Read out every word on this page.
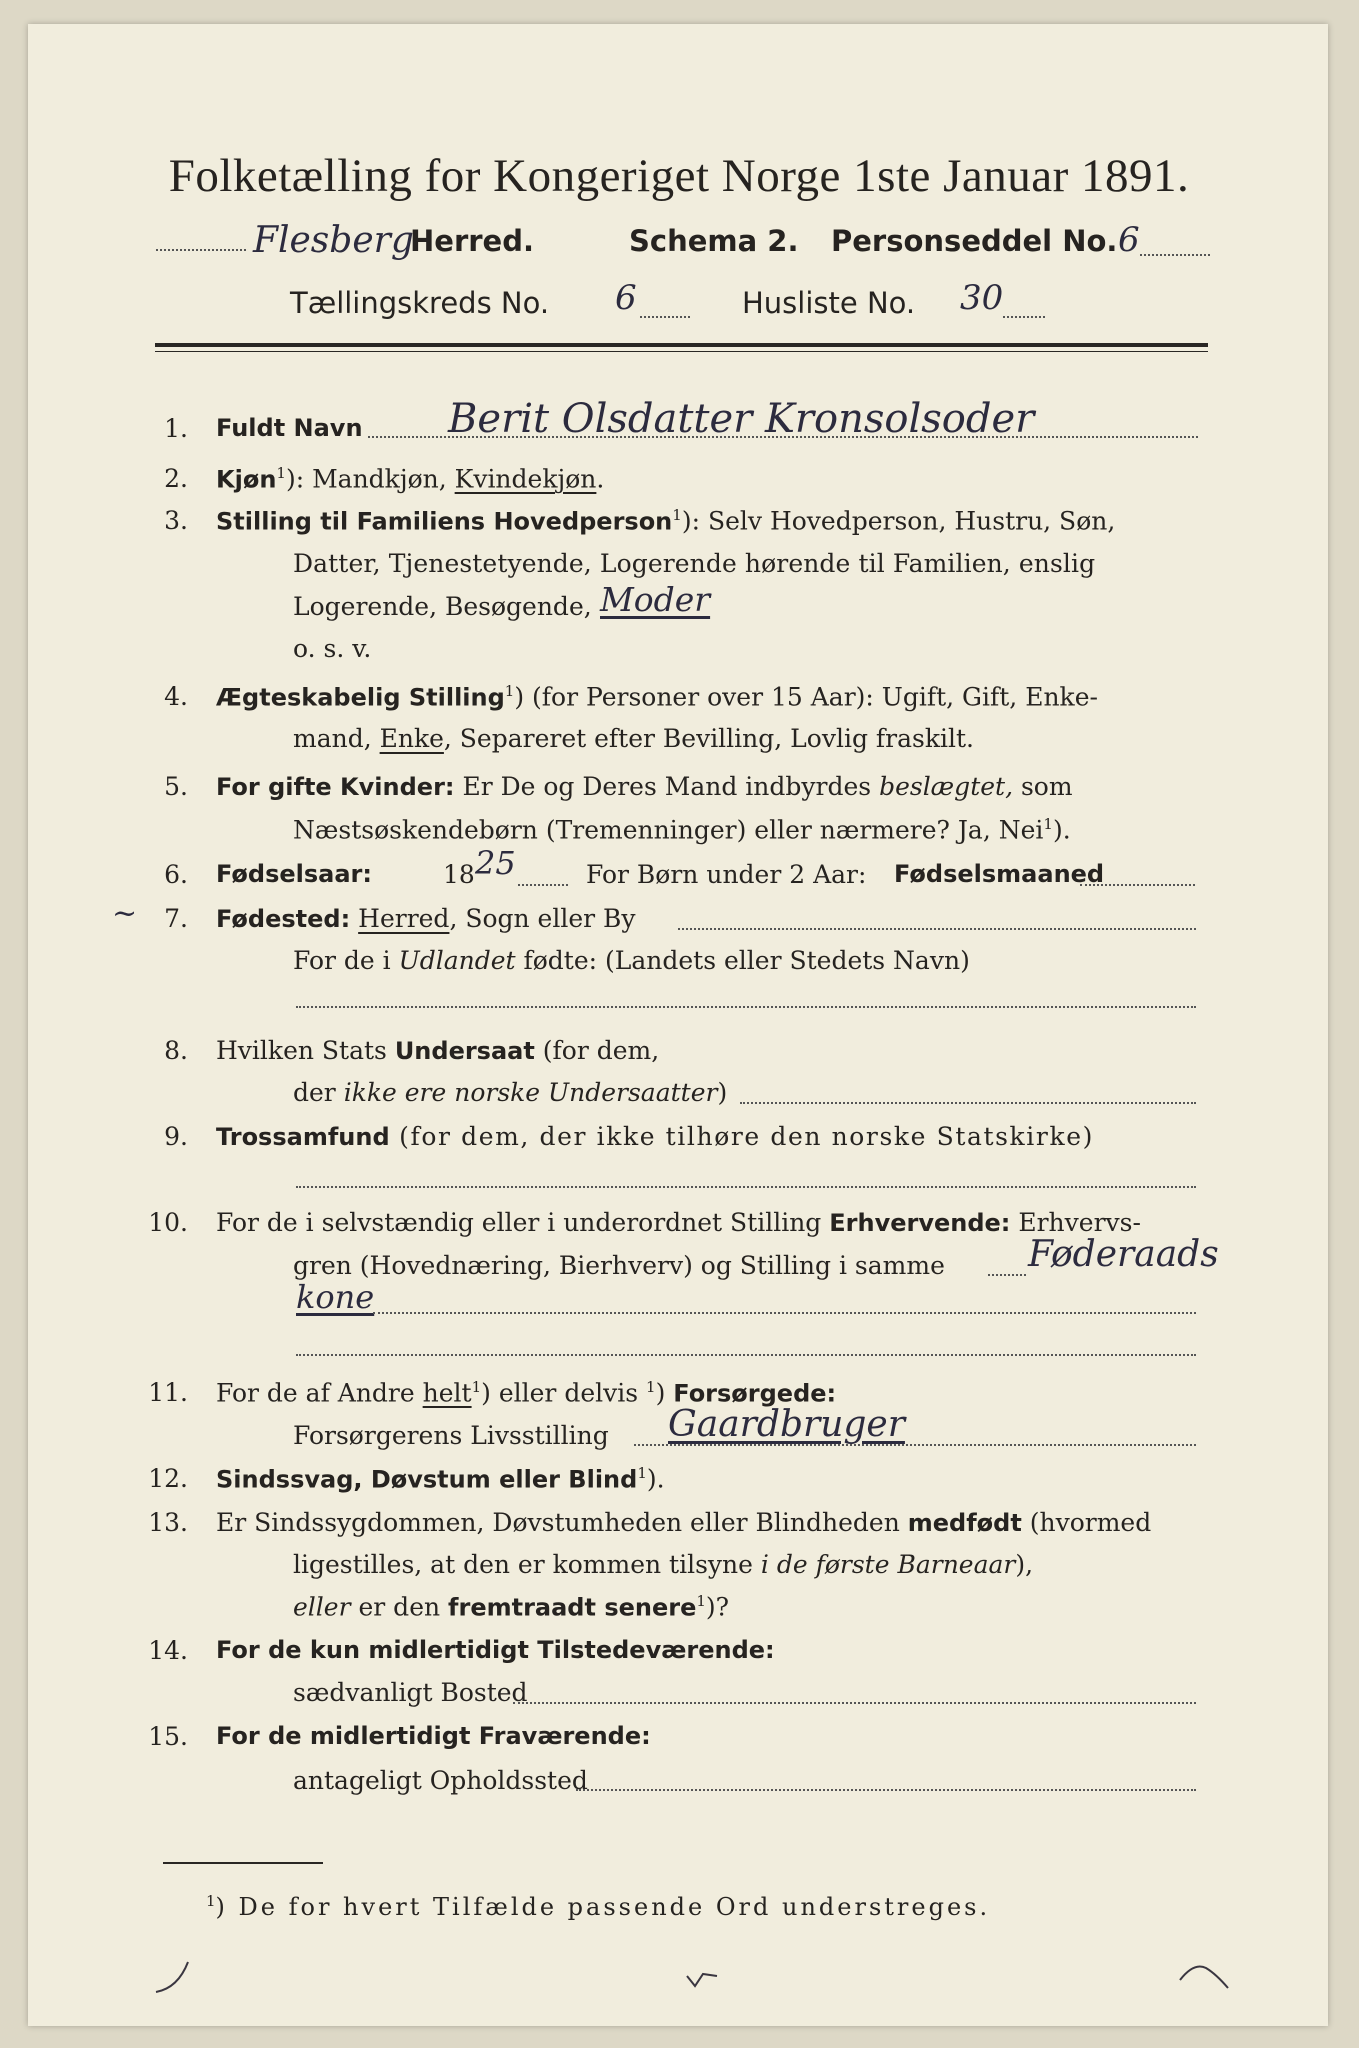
Folketælling for Kongeriget Norge 1ste Januar 1891.
Flesberg
Herred.	Schema 2. Personseddel No. 6
Tællingskreds No. 6	Husliste No. 30
1. Fuldt Navn Berit Olsdatter Kronsolsoder
2. Kjøn$^1$): Mandkjøn, Kvindekjøn.
3. Stilling til Familiens Hovedperson$^1$): Selv Hovedperson, Hustru, Søn,
Datter, Tjenestetyende, Logerende hørende til Familien, enslig
Logerende, Besøgende, Moder
o. s. v.
4. Ægteskabelig Stilling$^1$) (for Personer over 15 Aar): Ugift, Gift, Enke-
mand, Enke, Separeret efter Bevilling, Lovlig fraskilt.
5. For gifte Kvinder: Er De og Deres Mand indbyrdes beslægtet, som
Næstsøskendebørn (Tremenninger) eller nærmere? Ja, Nei$^1$).
6. Fødselsaar:	18 25	For Børn under 2 Aar: Fødselsmaaned
~	7. Fødested: Herred, Sogn eller By
For de i Udlandet fødte: (Landets eller Stedets Navn)
8. Hvilken Stats Undersaat (for dem,
der ikke ere norske Undersaatter)
9. Trossamfund (for dem, der ikke tilhøre den norske Statskirke)
10. For de i selvstændig eller i underordnet Stilling Erhvervende: Erhvervs-
gren (Hovednæring, Bierhverv) og Stilling i samme Føderaads
kone
11. For de af Andre helt$^1$) eller delvis $^1$) Forsørgede:
Forsørgerens Livsstilling Gaardbruger
12. Sindssvag, Døvstum eller Blind$^1$).
13. Er Sindssygdommen, Døvstumheden eller Blindheden medfødt (hvormed
ligestilles, at den er kommen tilsyne i de første Barneaar),
eller er den fremtraadt senere$^1$)?
14. For de kun midlertidigt Tilstedeværende:
sædvanligt Bosted
15. For de midlertidigt Fraværende:
antageligt Opholdssted
$^1$) De for hvert Tilfælde passende Ord understreges.
